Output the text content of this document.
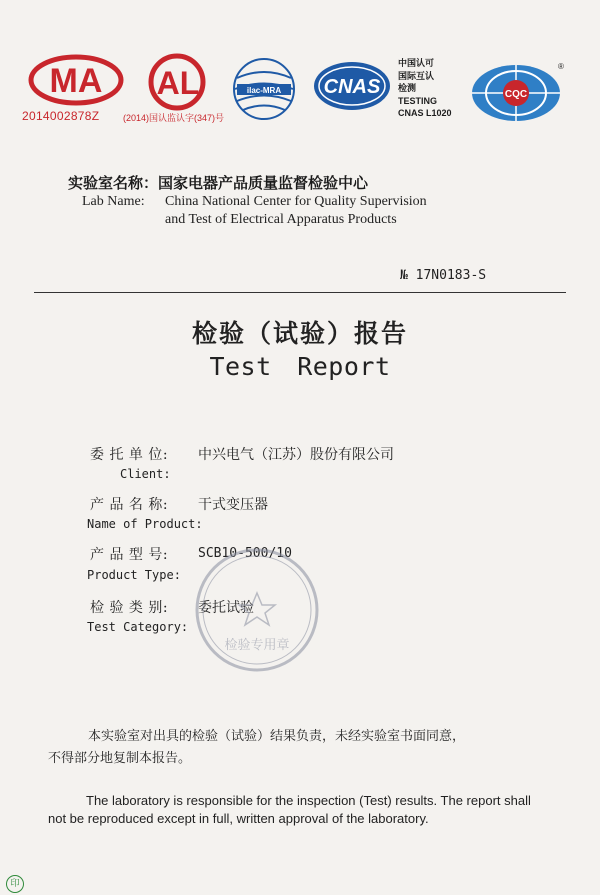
MA
2014002878Z
AL
(2014)国认监认字(347)号
ilac-MRA CNAS
中国认可
国际互认
检测
TESTING
CNAS L1020
CQC
®
实验室名称：国家电器产品质量监督检验中心
Lab Name: China National Center for Quality Supervision
and Test of Electrical Apparatus Products
№ 17N0183-S
检验（试验）报告
Test Report
委 托 单 位: 中兴电气（江苏）股份有限公司
Client:
产 品 名 称: 干式变压器
Name of Product:
产 品 型 号: SCB10-500/10
Product Type:
检 验 类 别: 委托试验
Test Category:
检验专用章
本实验室对出具的检验（试验）结果负责，未经实验室书面同意，
不得部分地复制本报告。
The laboratory is responsible for the inspection (Test) results. The report shall
not be reproduced except in full, written approval of the laboratory.
印
